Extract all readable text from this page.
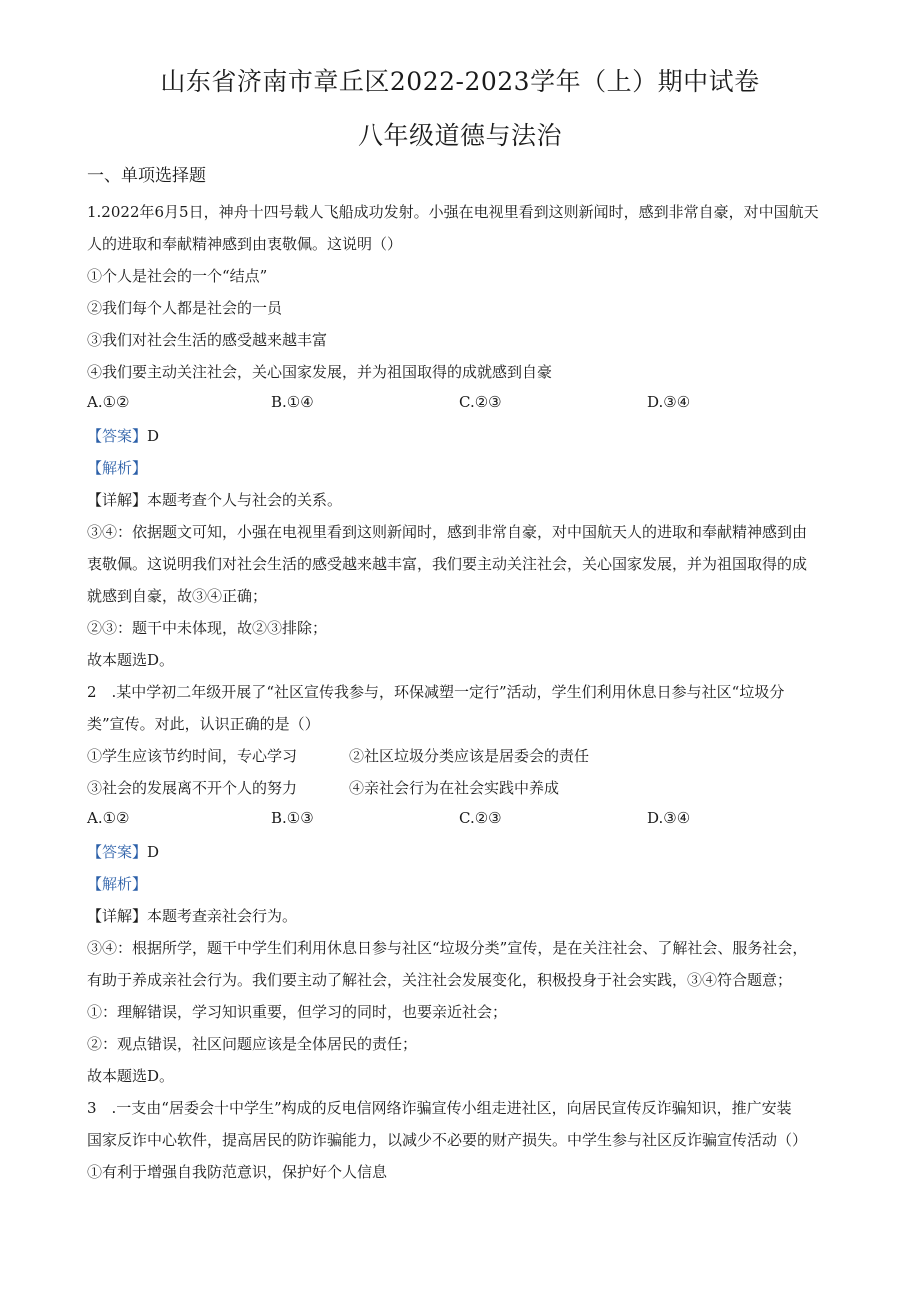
山东省济南市章丘区2022-2023学年（上）期中试卷
八年级道德与法治
一、单项选择题
1.2022年6月5日，神舟十四号载人飞船成功发射。小强在电视里看到这则新闻时，感到非常自豪，对中国航天
人的进取和奉献精神感到由衷敬佩。这说明（）
①个人是社会的一个“结点”
②我们每个人都是社会的一员
③我们对社会生活的感受越来越丰富
④我们要主动关注社会，关心国家发展，并为祖国取得的成就感到自豪
A.①②	B.①④	C.②③	D.③④
【答案】D
【解析】
【详解】本题考查个人与社会的关系。
③④：依据题文可知，小强在电视里看到这则新闻时，感到非常自豪，对中国航天人的进取和奉献精神感到由
衷敬佩。这说明我们对社会生活的感受越来越丰富，我们要主动关注社会，关心国家发展，并为祖国取得的成
就感到自豪，故③④正确；
②③：题干中未体现，故②③排除；
故本题选D。
2　.某中学初二年级开展了“社区宣传我参与，环保减塑一定行”活动，学生们利用休息日参与社区“垃圾分
类”宣传。对此，认识正确的是（）
①学生应该节约时间，专心学习	②社区垃圾分类应该是居委会的责任
③社会的发展离不开个人的努力	④亲社会行为在社会实践中养成
A.①②	B.①③	C.②③	D.③④
【答案】D
【解析】
【详解】本题考查亲社会行为。
③④：根据所学，题干中学生们利用休息日参与社区“垃圾分类”宣传，是在关注社会、了解社会、服务社会，
有助于养成亲社会行为。我们要主动了解社会，关注社会发展变化，积极投身于社会实践，③④符合题意；
①：理解错误，学习知识重要，但学习的同时，也要亲近社会；
②：观点错误，社区问题应该是全体居民的责任；
故本题选D。
3　.一支由“居委会十中学生”构成的反电信网络诈骗宣传小组走进社区，向居民宣传反诈骗知识，推广安装
国家反诈中心软件，提高居民的防诈骗能力，以减少不必要的财产损失。中学生参与社区反诈骗宣传活动（）
①有利于增强自我防范意识，保护好个人信息
